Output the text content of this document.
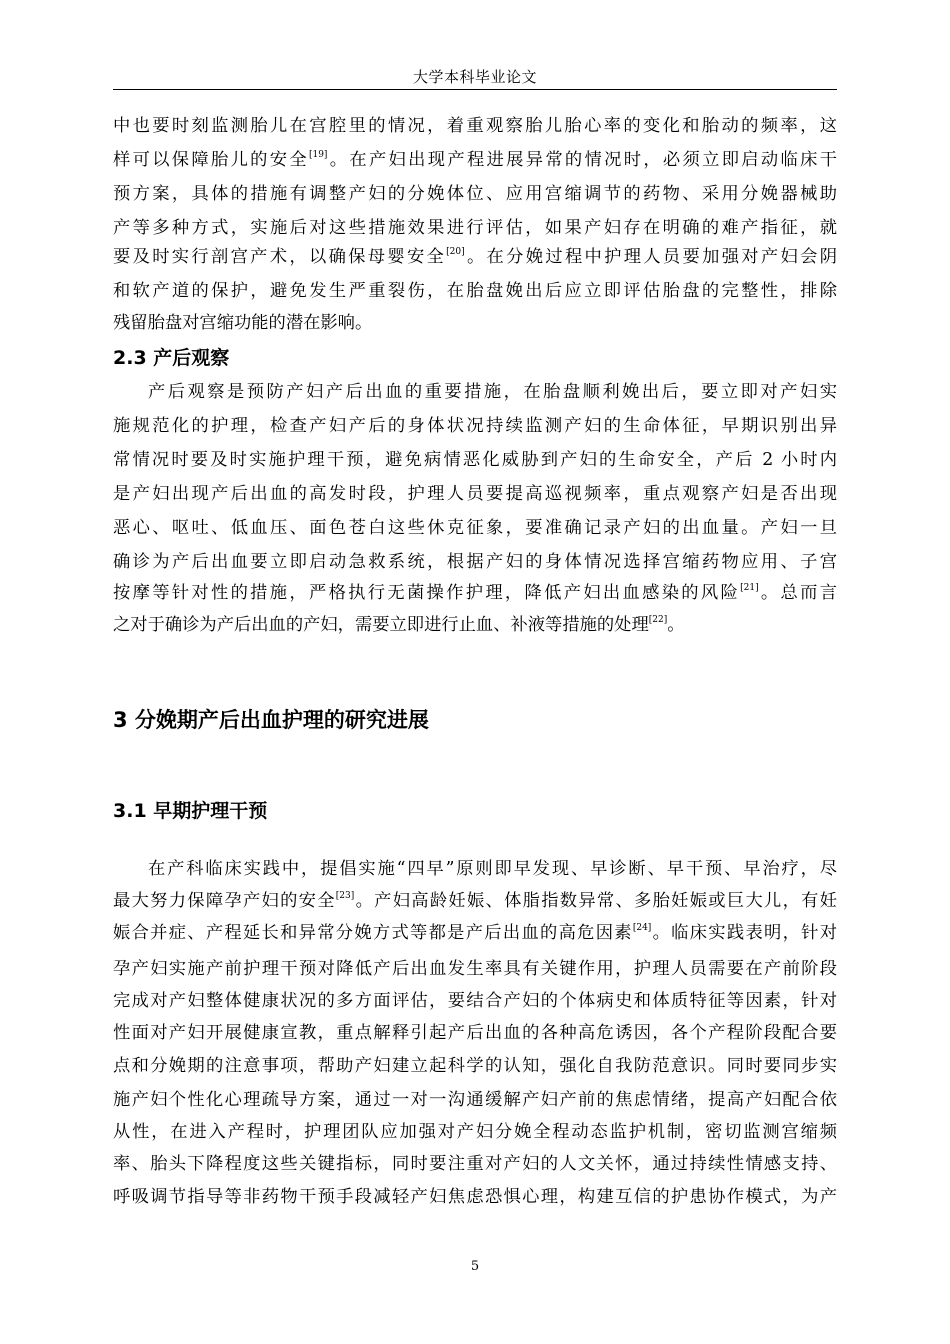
大学本科毕业论文
中也要时刻监测胎儿在宫腔里的情况，着重观察胎儿胎心率的变化和胎动的频率，这
样可以保障胎儿的安全[19]。在产妇出现产程进展异常的情况时，必须立即启动临床干
预方案，具体的措施有调整产妇的分娩体位、应用宫缩调节的药物、采用分娩器械助
产等多种方式，实施后对这些措施效果进行评估，如果产妇存在明确的难产指征，就
要及时实行剖宫产术，以确保母婴安全[20]。在分娩过程中护理人员要加强对产妇会阴
和软产道的保护，避免发生严重裂伤，在胎盘娩出后应立即评估胎盘的完整性，排除
残留胎盘对宫缩功能的潜在影响。
2.3 产后观察
产后观察是预防产妇产后出血的重要措施，在胎盘顺利娩出后，要立即对产妇实
施规范化的护理，检查产妇产后的身体状况持续监测产妇的生命体征，早期识别出异
常情况时要及时实施护理干预，避免病情恶化威胁到产妇的生命安全，产后 2 小时内
是产妇出现产后出血的高发时段，护理人员要提高巡视频率，重点观察产妇是否出现
恶心、呕吐、低血压、面色苍白这些休克征象，要准确记录产妇的出血量。产妇一旦
确诊为产后出血要立即启动急救系统，根据产妇的身体情况选择宫缩药物应用、子宫
按摩等针对性的措施，严格执行无菌操作护理，降低产妇出血感染的风险[21]。总而言
之对于确诊为产后出血的产妇，需要立即进行止血、补液等措施的处理[22]。
3 分娩期产后出血护理的研究进展
3.1 早期护理干预
在产科临床实践中，提倡实施“四早”原则即早发现、早诊断、早干预、早治疗，尽
最大努力保障孕产妇的安全[23]。产妇高龄妊娠、体脂指数异常、多胎妊娠或巨大儿，有妊
娠合并症、产程延长和异常分娩方式等都是产后出血的高危因素[24]。临床实践表明，针对
孕产妇实施产前护理干预对降低产后出血发生率具有关键作用，护理人员需要在产前阶段
完成对产妇整体健康状况的多方面评估，要结合产妇的个体病史和体质特征等因素，针对
性面对产妇开展健康宣教，重点解释引起产后出血的各种高危诱因，各个产程阶段配合要
点和分娩期的注意事项，帮助产妇建立起科学的认知，强化自我防范意识。同时要同步实
施产妇个性化心理疏导方案，通过一对一沟通缓解产妇产前的焦虑情绪，提高产妇配合依
从性，在进入产程时，护理团队应加强对产妇分娩全程动态监护机制，密切监测宫缩频
率、胎头下降程度这些关键指标，同时要注重对产妇的人文关怀，通过持续性情感支持、
呼吸调节指导等非药物干预手段减轻产妇焦虑恐惧心理，构建互信的护患协作模式，为产
5
